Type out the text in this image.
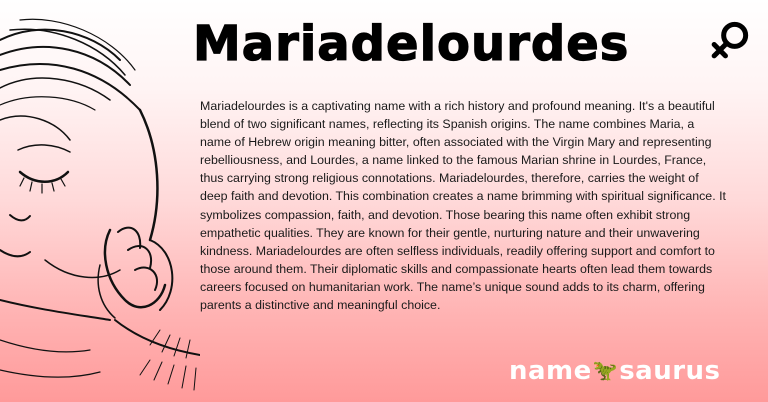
Mariadelourdes

Mariadelourdes is a captivating name with a rich history and profound meaning. It's a beautiful blend of two significant names, reflecting its Spanish origins. The name combines Maria, a name of Hebrew origin meaning bitter, often associated with the Virgin Mary and representing rebelliousness, and Lourdes, a name linked to the famous Marian shrine in Lourdes, France, thus carrying strong religious connotations. Mariadelourdes, therefore, carries the weight of deep faith and devotion. This combination creates a name brimming with spiritual significance. It symbolizes compassion, faith, and devotion. Those bearing this name often exhibit strong empathetic qualities. They are known for their gentle, nurturing nature and their unwavering kindness. Mariadelourdes are often selfless individuals, readily offering support and comfort to those around them. Their diplomatic skills and compassionate hearts often lead them towards careers focused on humanitarian work. The name’s unique sound adds to its charm, offering parents a distinctive and meaningful choice.

name🦖saurus
